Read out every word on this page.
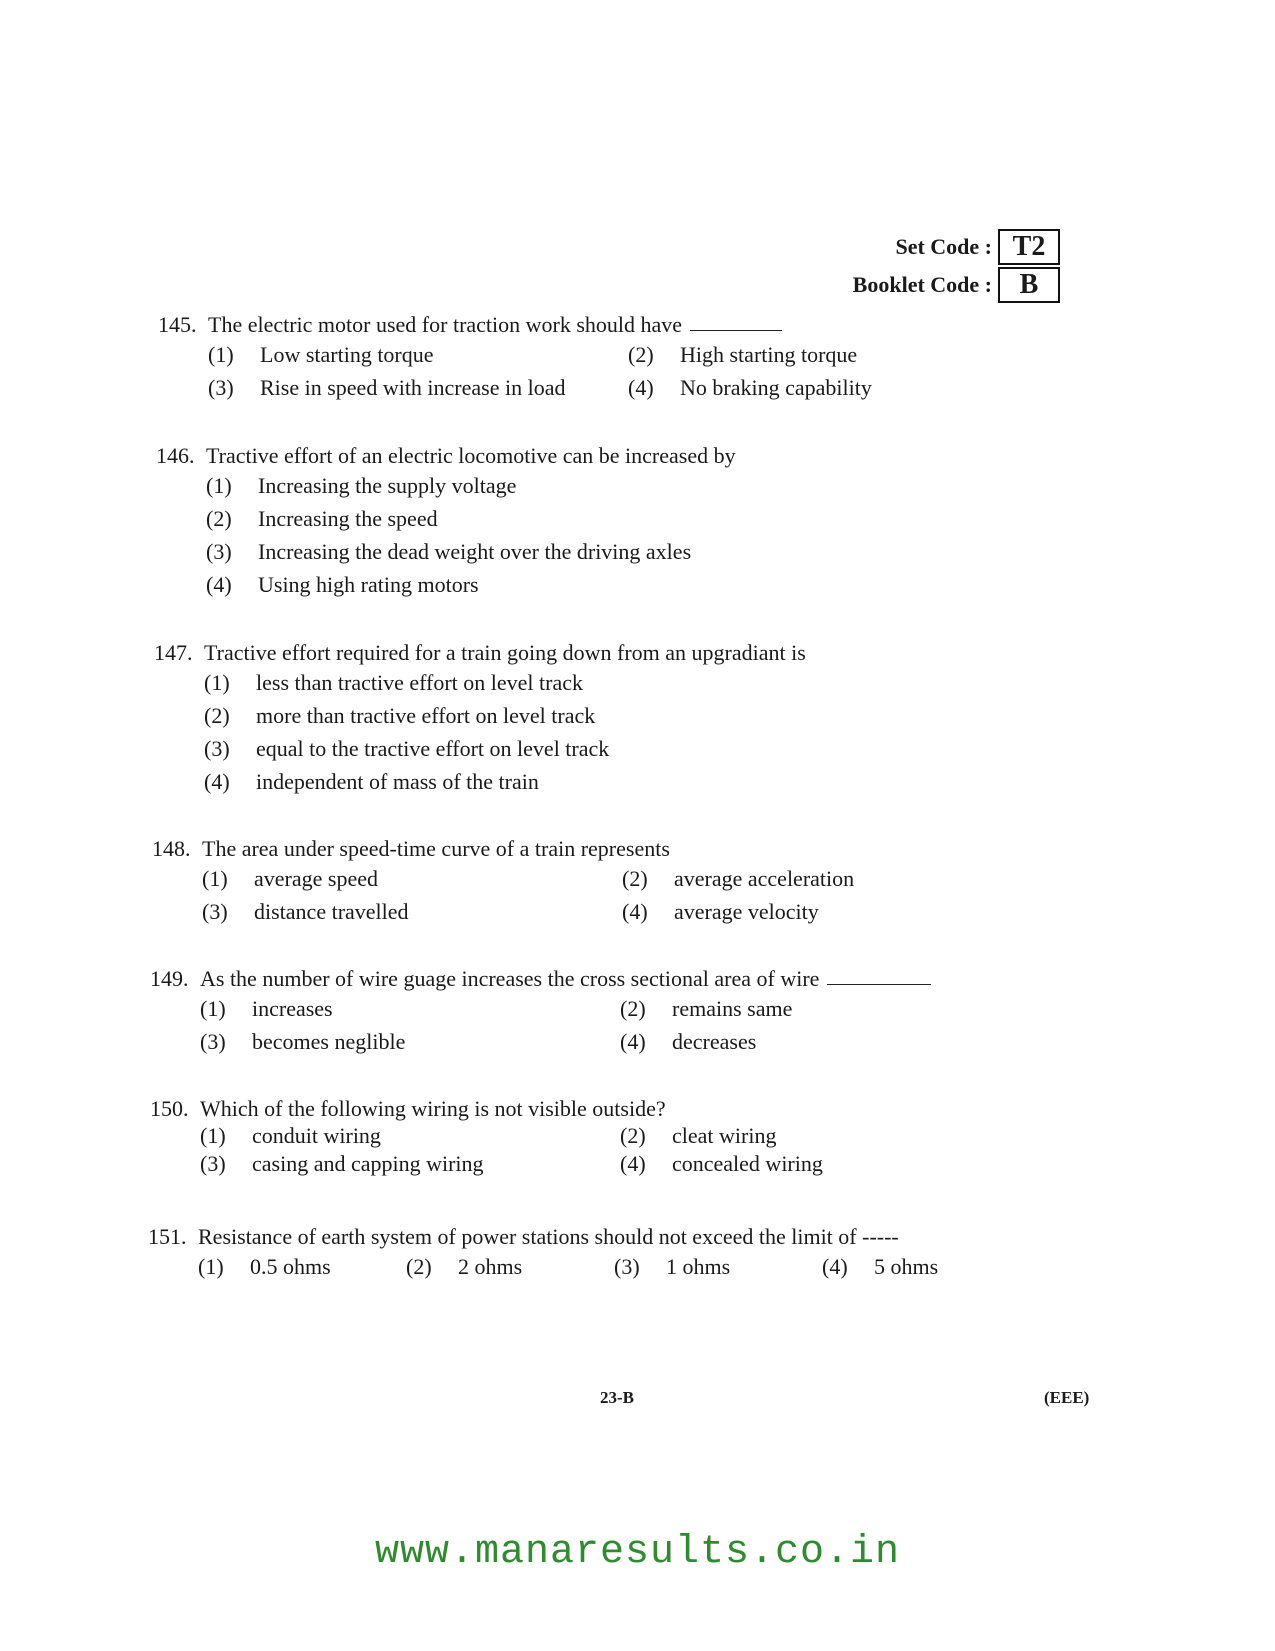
Set Code : T2
Booklet Code : B
145. The electric motor used for traction work should have
(1)	Low starting torque	(2)	High starting torque
(3)	Rise in speed with increase in load	(4)	No braking capability
146. Tractive effort of an electric locomotive can be increased by
(1)	Increasing the supply voltage
(2)	Increasing the speed
(3)	Increasing the dead weight over the driving axles
(4)	Using high rating motors
147. Tractive effort required for a train going down from an upgradiant is
(1)	less than tractive effort on level track
(2)	more than tractive effort on level track
(3)	equal to the tractive effort on level track
(4)	independent of mass of the train
148. The area under speed-time curve of a train represents
(1)	average speed	(2)	average acceleration
(3)	distance travelled	(4)	average velocity
149. As the number of wire guage increases the cross sectional area of wire
(1)	increases	(2)	remains same
(3)	becomes neglible	(4)	decreases
150. Which of the following wiring is not visible outside?
(1)	conduit wiring	(2)	cleat wiring
(3)	casing and capping wiring	(4)	concealed wiring
151. Resistance of earth system of power stations should not exceed the limit of -----
(1)	0.5 ohms	(2)	2 ohms	(3)	1 ohms	(4)	5 ohms
23-B	(EEE)
www.manaresults.co.in
